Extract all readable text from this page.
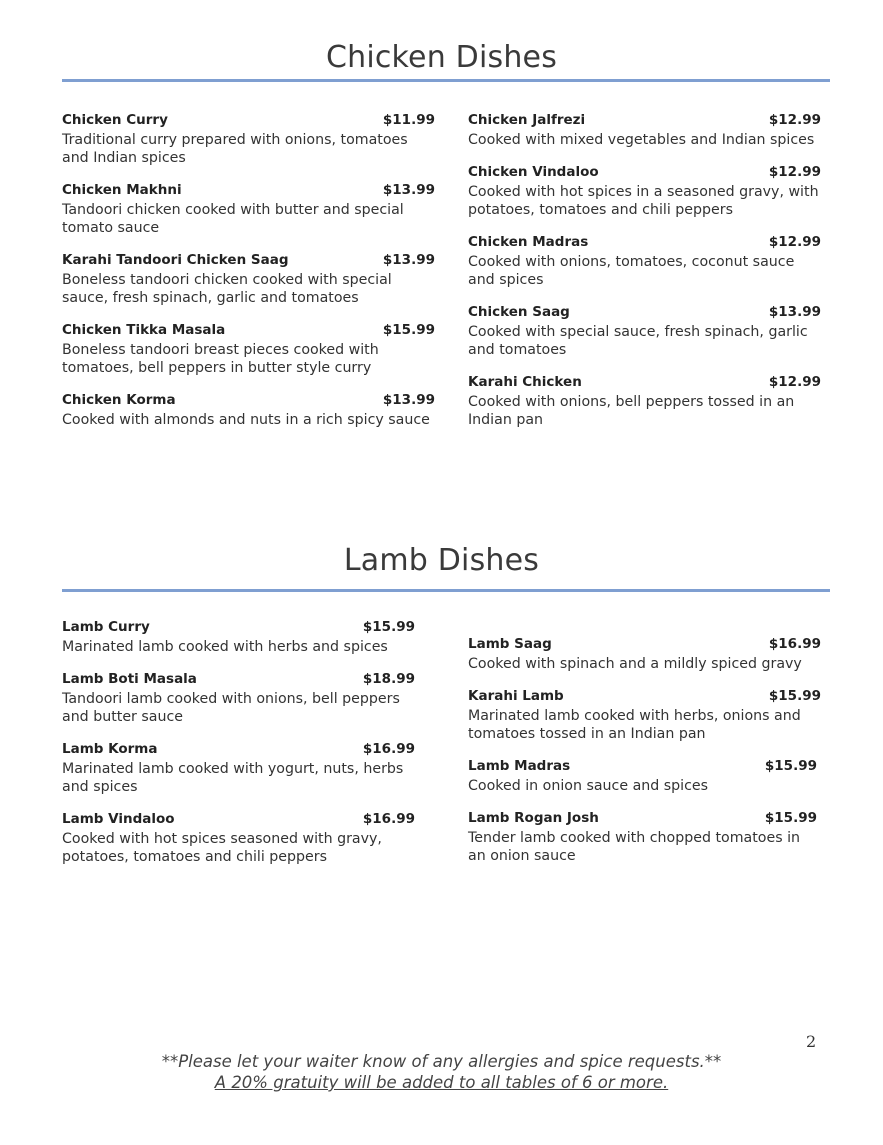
Chicken Dishes
Chicken Curry	$11.99

Traditional curry prepared with onions, tomatoes and Indian spices

Chicken Makhni	$13.99

Tandoori chicken cooked with butter and special tomato sauce

Karahi Tandoori Chicken Saag	$13.99

Boneless tandoori chicken cooked with special sauce, fresh spinach, garlic and tomatoes

Chicken Tikka Masala	$15.99

Boneless tandoori breast pieces cooked with tomatoes, bell peppers in butter style curry

Chicken Korma	$13.99

Cooked with almonds and nuts in a rich spicy sauce

Chicken Jalfrezi	$12.99

Cooked with mixed vegetables and Indian spices

Chicken Vindaloo	$12.99

Cooked with hot spices in a seasoned gravy, with potatoes, tomatoes and chili peppers

Chicken Madras	$12.99

Cooked with onions, tomatoes, coconut sauce and spices

Chicken Saag	$13.99

Cooked with special sauce, fresh spinach, garlic and tomatoes

Karahi Chicken	$12.99

Cooked with onions, bell peppers tossed in an Indian pan

Lamb Dishes
Lamb Curry	$15.99

Marinated lamb cooked with herbs and spices

Lamb Boti Masala	$18.99

Tandoori lamb cooked with onions, bell peppers and butter sauce

Lamb Korma	$16.99

Marinated lamb cooked with yogurt, nuts, herbs and spices

Lamb Vindaloo	$16.99

Cooked with hot spices seasoned with gravy, potatoes, tomatoes and chili peppers

Lamb Saag	$16.99

Cooked with spinach and a mildly spiced gravy

Karahi Lamb	$15.99

Marinated lamb cooked with herbs, onions and tomatoes tossed in an Indian pan

Lamb Madras	$15.99

Cooked in onion sauce and spices

Lamb Rogan Josh	$15.99

Tender lamb cooked with chopped tomatoes in an onion sauce

2
**Please let your waiter know of any allergies and spice requests.**
A 20% gratuity will be added to all tables of 6 or more.
